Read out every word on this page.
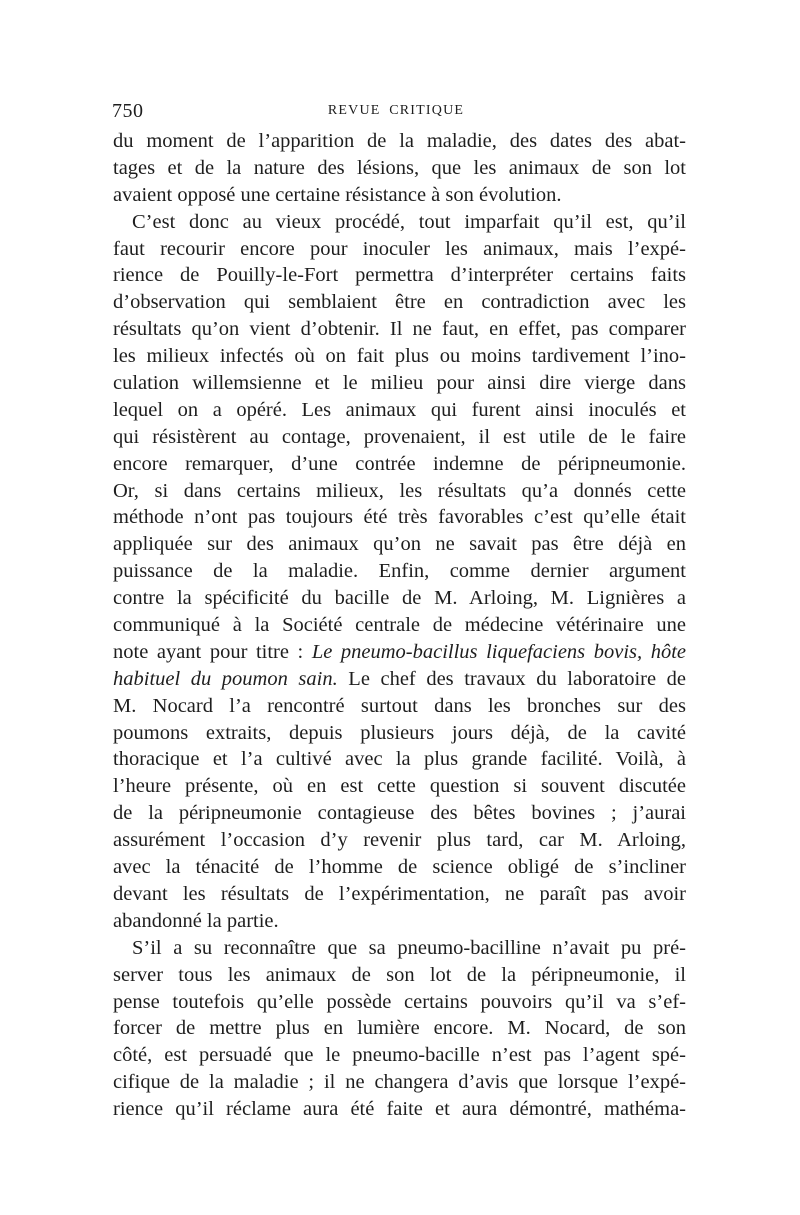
750	REVUE CRITIQUE
du moment de l’apparition de la maladie, des dates des abat-
tages et de la nature des lésions, que les animaux de son lot
avaient opposé une certaine résistance à son évolution.
C’est donc au vieux procédé, tout imparfait qu’il est, qu’il
faut recourir encore pour inoculer les animaux, mais l’expé-
rience de Pouilly-le-Fort permettra d’interpréter certains faits
d’observation qui semblaient être en contradiction avec les
résultats qu’on vient d’obtenir. Il ne faut, en effet, pas comparer
les milieux infectés où on fait plus ou moins tardivement l’ino-
culation willemsienne et le milieu pour ainsi dire vierge dans
lequel on a opéré. Les animaux qui furent ainsi inoculés et
qui résistèrent au contage, provenaient, il est utile de le faire
encore remarquer, d’une contrée indemne de péripneumonie.
Or, si dans certains milieux, les résultats qu’a donnés cette
méthode n’ont pas toujours été très favorables c’est qu’elle était
appliquée sur des animaux qu’on ne savait pas être déjà en
puissance de la maladie. Enfin, comme dernier argument
contre la spécificité du bacille de M. Arloing, M. Lignières a
communiqué à la Société centrale de médecine vétérinaire une
note ayant pour titre : Le pneumo-bacillus liquefaciens bovis, hôte
habituel du poumon sain. Le chef des travaux du laboratoire de
M. Nocard l’a rencontré surtout dans les bronches sur des
poumons extraits, depuis plusieurs jours déjà, de la cavité
thoracique et l’a cultivé avec la plus grande facilité. Voilà, à
l’heure présente, où en est cette question si souvent discutée
de la péripneumonie contagieuse des bêtes bovines ; j’aurai
assurément l’occasion d’y revenir plus tard, car M. Arloing,
avec la ténacité de l’homme de science obligé de s’incliner
devant les résultats de l’expérimentation, ne paraît pas avoir
abandonné la partie.
S’il a su reconnaître que sa pneumo-bacilline n’avait pu pré-
server tous les animaux de son lot de la péripneumonie, il
pense toutefois qu’elle possède certains pouvoirs qu’il va s’ef-
forcer de mettre plus en lumière encore. M. Nocard, de son
côté, est persuadé que le pneumo-bacille n’est pas l’agent spé-
cifique de la maladie ; il ne changera d’avis que lorsque l’expé-
rience qu’il réclame aura été faite et aura démontré, mathéma-
